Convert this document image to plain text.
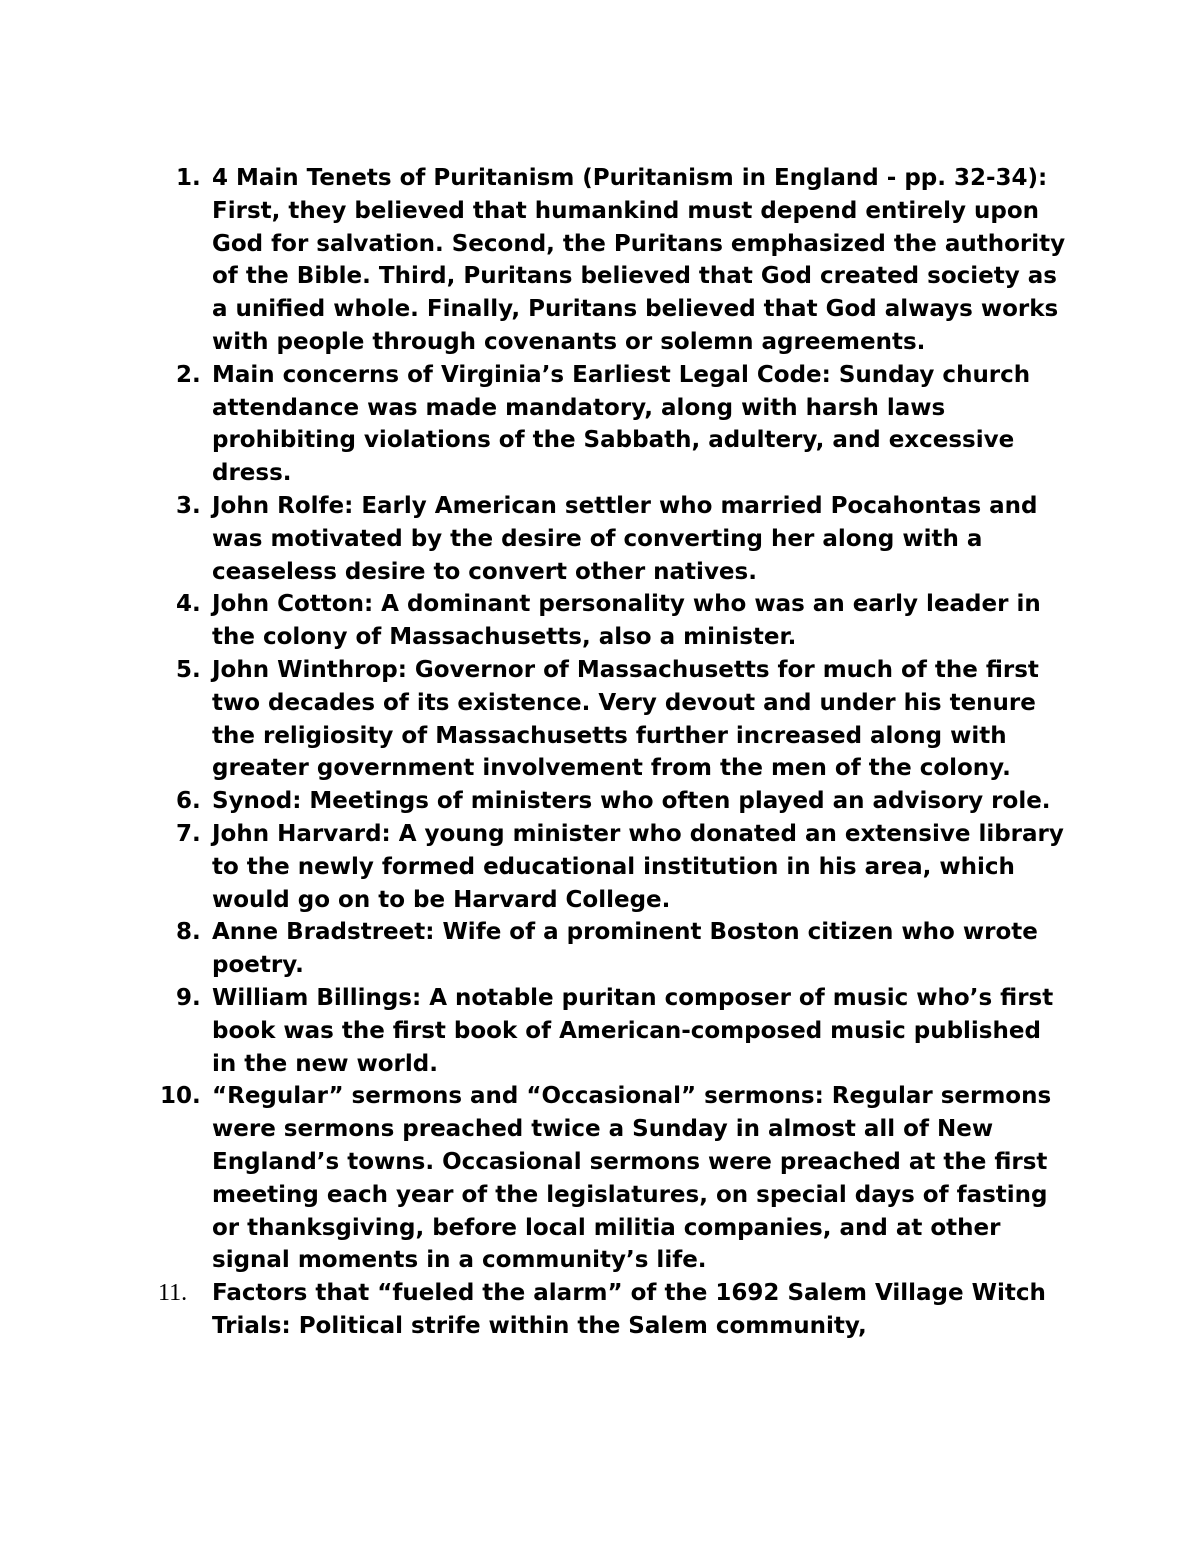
1. 4 Main Tenets of Puritanism (Puritanism in England - pp. 32-34): First, they believed that humankind must depend entirely upon God for salvation. Second, the Puritans emphasized the authority of the Bible. Third, Puritans believed that God created society as a unified whole. Finally, Puritans believed that God always works with people through covenants or solemn agreements.
2. Main concerns of Virginia’s Earliest Legal Code: Sunday church attendance was made mandatory, along with harsh laws prohibiting violations of the Sabbath, adultery, and excessive dress.
3. John Rolfe: Early American settler who married Pocahontas and was motivated by the desire of converting her along with a ceaseless desire to convert other natives.
4. John Cotton: A dominant personality who was an early leader in the colony of Massachusetts, also a minister.
5. John Winthrop: Governor of Massachusetts for much of the first two decades of its existence. Very devout and under his tenure the religiosity of Massachusetts further increased along with greater government involvement from the men of the colony.
6. Synod: Meetings of ministers who often played an advisory role.
7. John Harvard: A young minister who donated an extensive library to the newly formed educational institution in his area, which would go on to be Harvard College.
8. Anne Bradstreet: Wife of a prominent Boston citizen who wrote poetry.
9. William Billings: A notable puritan composer of music who’s first book was the first book of American-composed music published in the new world.
10. “Regular” sermons and “Occasional” sermons: Regular sermons were sermons preached twice a Sunday in almost all of New England’s towns. Occasional sermons were preached at the first meeting each year of the legislatures, on special days of fasting or thanksgiving, before local militia companies, and at other signal moments in a community’s life.
11. Factors that “fueled the alarm” of the 1692 Salem Village Witch Trials: Political strife within the Salem community,
